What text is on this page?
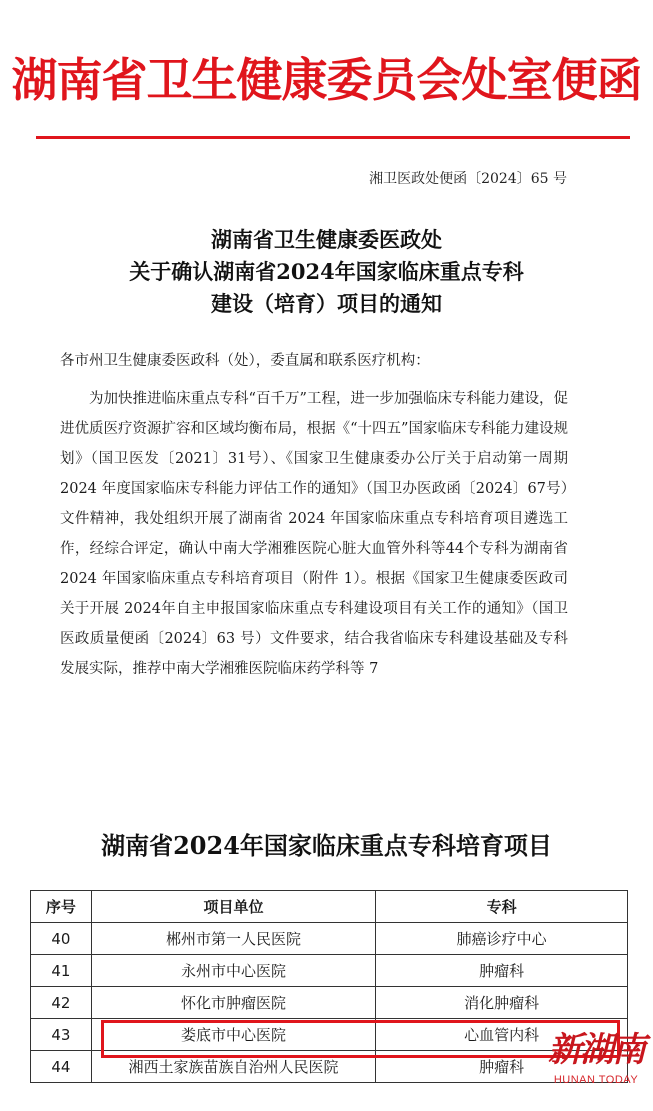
湖南省卫生健康委员会处室便函
湘卫医政处便函〔2024〕65 号
湖南省卫生健康委医政处
关于确认湖南省2024年国家临床重点专科
建设（培育）项目的通知
各市州卫生健康委医政科（处），委直属和联系医疗机构：

为加快推进临床重点专科“百千万”工程，进一步加强临床专科能力建设，促进优质医疗资源扩容和区域均衡布局，根据《“十四五”国家临床专科能力建设规划》（国卫医发〔2021〕31号）、《国家卫生健康委办公厅关于启动第一周期 2024 年度国家临床专科能力评估工作的通知》（国卫办医政函〔2024〕67号）文件精神，我处组织开展了湖南省 2024 年国家临床重点专科培育项目遴选工作，经综合评定，确认中南大学湘雅医院心脏大血管外科等44个专科为湖南省 2024 年国家临床重点专科培育项目（附件 1）。根据《国家卫生健康委医政司关于开展 2024年自主申报国家临床重点专科建设项目有关工作的通知》（国卫医政质量便函〔2024〕63 号）文件要求，结合我省临床专科建设基础及专科发展实际，推荐中南大学湘雅医院临床药学科等 7

湖南省2024年国家临床重点专科培育项目
序号	项目单位	专科
40	郴州市第一人民医院	肺癌诊疗中心
41	永州市中心医院	肿瘤科
42	怀化市肿瘤医院	消化肿瘤科
43	娄底市中心医院	心血管内科
44	湘西土家族苗族自治州人民医院	肿瘤科 新湖南
HUNAN TODAY
